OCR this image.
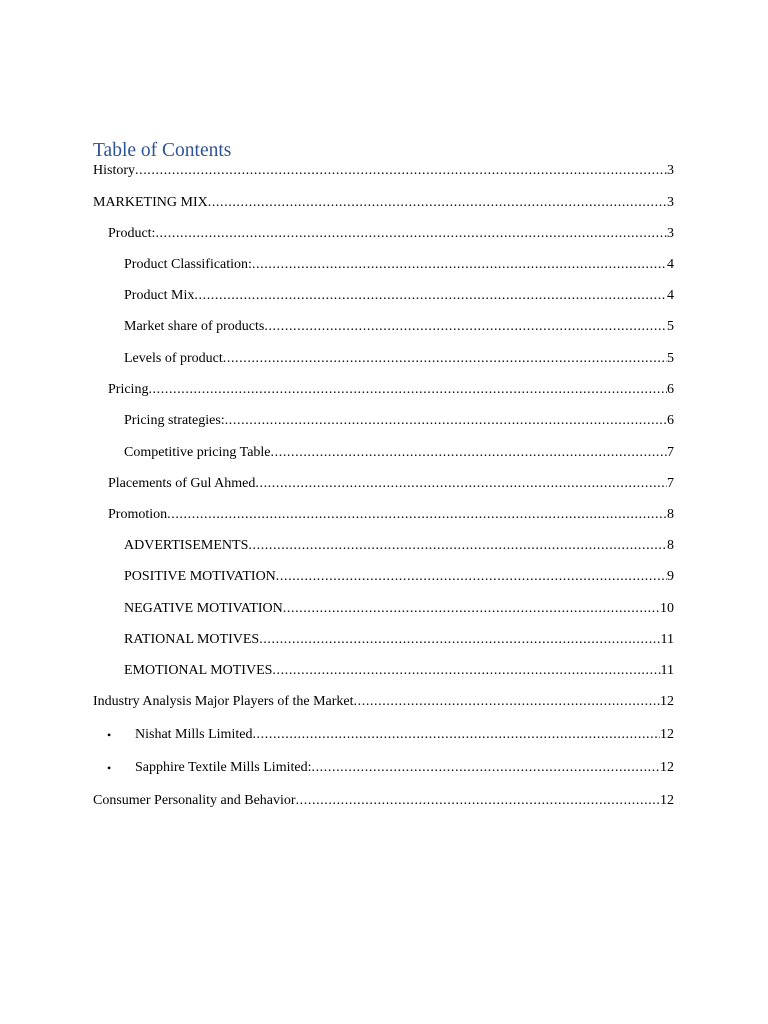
Table of Contents
History .....	3
MARKETING MIX .....	3
Product: .....	3
Product Classification: .....	4
Product Mix .....	4
Market share of products .....	5
Levels of product .....	5
Pricing .....	6
Pricing strategies: .....	6
Competitive pricing Table .....	7
Placements of Gul Ahmed .....	7
Promotion .....	8
ADVERTISEMENTS .....	8
POSITIVE MOTIVATION .....	9
NEGATIVE MOTIVATION .....	10
RATIONAL MOTIVES .....	11
EMOTIONAL MOTIVES .....	11
Industry Analysis Major Players of the Market .....	12
•	Nishat Mills Limited .....	12
•	Sapphire Textile Mills Limited: .....	12
Consumer Personality and Behavior .....	12
